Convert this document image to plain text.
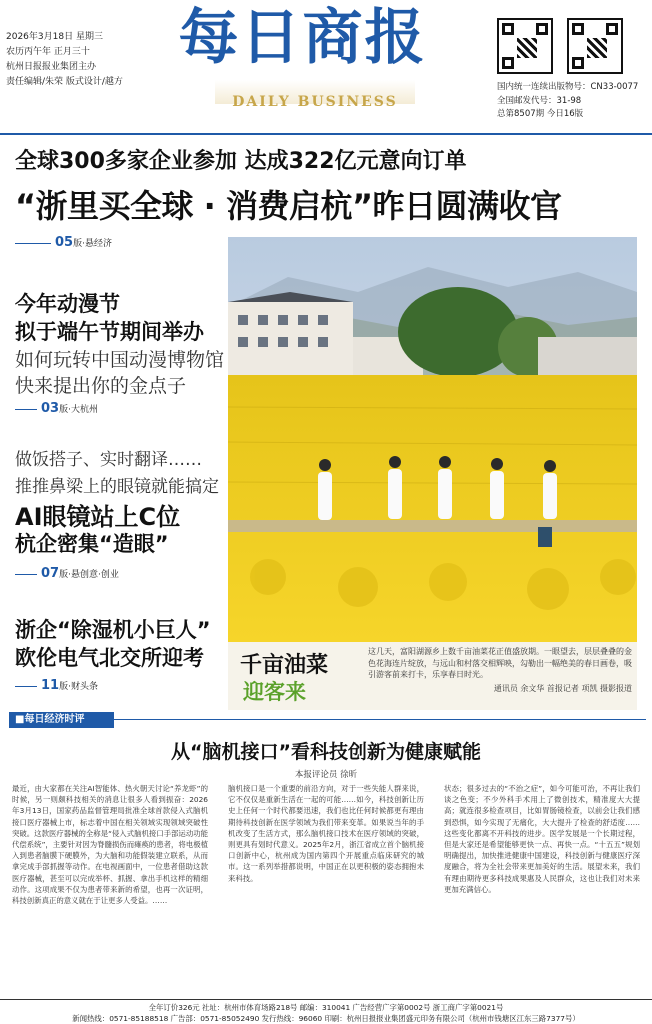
2026年3月18日 星期三
农历丙午年 正月三十
杭州日报报业集团主办
责任编辑/朱荣 版式设计/越方
每日商报
DAILY BUSINESS
国内统一连续出版物号：CN33-0077
全国邮发代号：31-98
总第8507期 今日16版
全球300多家企业参加 达成322亿元意向订单
“浙里买全球 · 消费启杭”昨日圆满收官
05版·悬经济
今年动漫节
拟于端午节期间举办
如何玩转中国动漫博物馆
快来提出你的金点子
03版·大杭州
做饭搭子、实时翻译……
推推鼻梁上的眼镜就能搞定
AI眼镜站上C位
杭企密集“造眼”
07版·悬创意·创业
浙企“除湿机小巨人”
欧伦电气北交所迎考
11版·财头条
千亩油菜
迎客来
这几天，富阳湖源乡上数千亩油菜花正值盛放期。一眼望去，层层叠叠的金色花海连片绽放，与远山和村落交相辉映，勾勒出一幅绝美的春日画卷，吸引游客前来打卡，乐享春日时光。
通讯员 余文华 首报记者 项凯 摄影报道
■每日经济时评
从“脑机接口”看科技创新为健康赋能
本报评论员 徐昕
最近，由大家都在关注AI智能体、热火朝天讨论“养龙虾”的时候，另一则颇科技相关的消息让很多人看到振奋：2026年3月13日，国家药品监督管理局批准全球首款侵入式脑机接口医疗器械上市，标志着中国在相关领域实现领域突破性突破。这款医疗器械的全称是“侵入式脑机接口手部运动功能代偿系统”，主要针对因为脊髓损伤而瘫痪的患者，将电极植入到患者脑膜下硬膜外，为大脑和功能假装建立联系，从而拿完成手部抓握等动作。在电视画面中，一位患者借助这款医疗器械，甚至可以完成举杯、抓握、拿出手机这样的精细动作。这项成果不仅为患者带来新的希望，也再一次证明，科技创新真正的意义就在于让更多人受益。……
脑机接口是一个重要的前沿方向，对于一些失能人群来说，它不仅仅是重新生活在一起的可能……如今，科技创新让历史上任何一个时代都要迅速，我们也比任何时候都更有理由期待科技创新在医学领域为我们带来变革。如果说当年的手机改变了生活方式，那么脑机接口技术在医疗领域的突破，则更具有划时代意义。2025年2月，浙江省成立首个脑机接口创新中心，杭州成为国内第四个开展重点临床研究的城市。这一系列举措都说明，中国正在以更积极的姿态拥抱未来科技。
状态；很多过去的“不治之症”，如今可能可治，不再让我们谈之色变；不少外科手术用上了微创技术，精准度大大提高；就连很多检查项目，比如胃肠镜检查，以前会让我们感到恐惧，如今实现了无痛化，大大提升了检查的舒适度……这些变化都离不开科技的进步。医学发展是一个长期过程，但是大家还是希望能够更快一点、再快一点。“十五五”规划明确提出，加快推进健康中国建设，科技创新与健康医疗深度融合，将为全社会带来更加美好的生活。展望未来，我们有理由期待更多科技成果惠及人民群众，这也让我们对未来更加充满信心。
全年订价326元 社址：杭州市体育场路218号 邮编：310041 广告经营广字第0002号 浙工商广字第0021号
新闻热线：0571-85188518 广告部：0571-85052490 发行热线：96060 印刷：杭州日报报业集团盛元印务有限公司（杭州市钱塘区江东三路7377号）
